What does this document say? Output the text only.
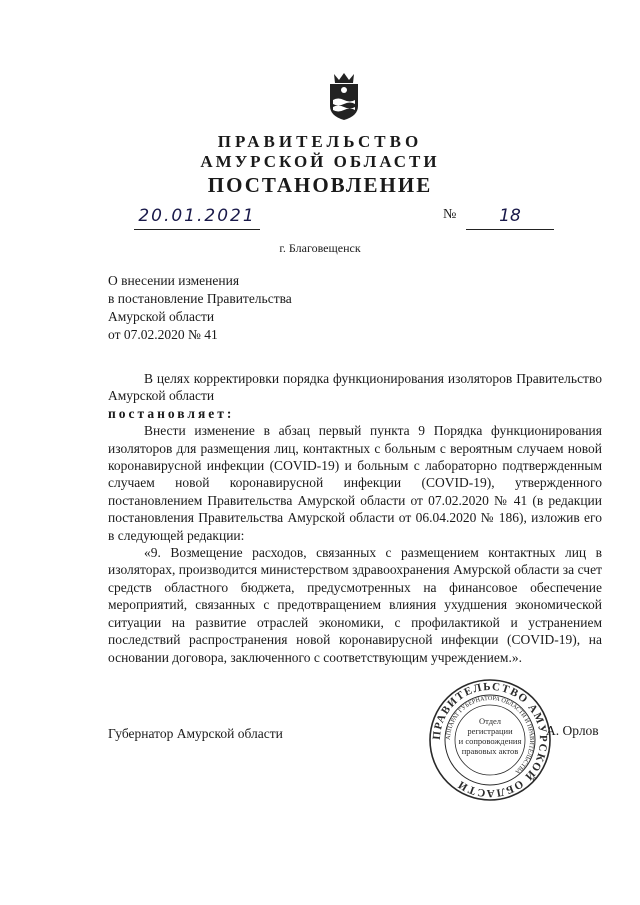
ПРАВИТЕЛЬСТВО
АМУРСКОЙ ОБЛАСТИ
ПОСТАНОВЛЕНИЕ
20.01.2021	№	18
г. Благовещенск
О внесении изменения
в постановление Правительства
Амурской области
от 07.02.2020 № 41

В целях корректировки порядка функционирования изоляторов Правительство Амурской области

постановляет:

Внести изменение в абзац первый пункта 9 Порядка функционирования изоляторов для размещения лиц, контактных с больным с вероятным случаем новой коронавирусной инфекции (COVID-19) и больным с лабораторно подтвержденным случаем новой коронавирусной инфекции (COVID-19), утвержденного постановлением Правительства Амурской области от 07.02.2020 № 41 (в редакции постановления Правительства Амурской области от 06.04.2020 № 186), изложив его в следующей редакции:

«9. Возмещение расходов, связанных с размещением контактных лиц в изоляторах, производится министерством здравоохранения Амурской области за счет средств областного бюджета, предусмотренных на финансовое обеспечение мероприятий, связанных с предотвращением влияния ухудшения экономической ситуации на развитие отраслей экономики, с профилактикой и устранением последствий распространения новой коронавирусной инфекции (COVID-19), на основании договора, заключенного с соответствующим учреждением.».

Губернатор Амурской области	А. Орлов
ПРАВИТЕЛЬСТВО АМУРСКОЙ ОБЛАСТИ
АППАРАТ ГУБЕРНАТОРА ОБЛАСТИ И ПРАВИТЕЛЬСТВА
Отдел
регистрации
и сопровождения
правовых актов
